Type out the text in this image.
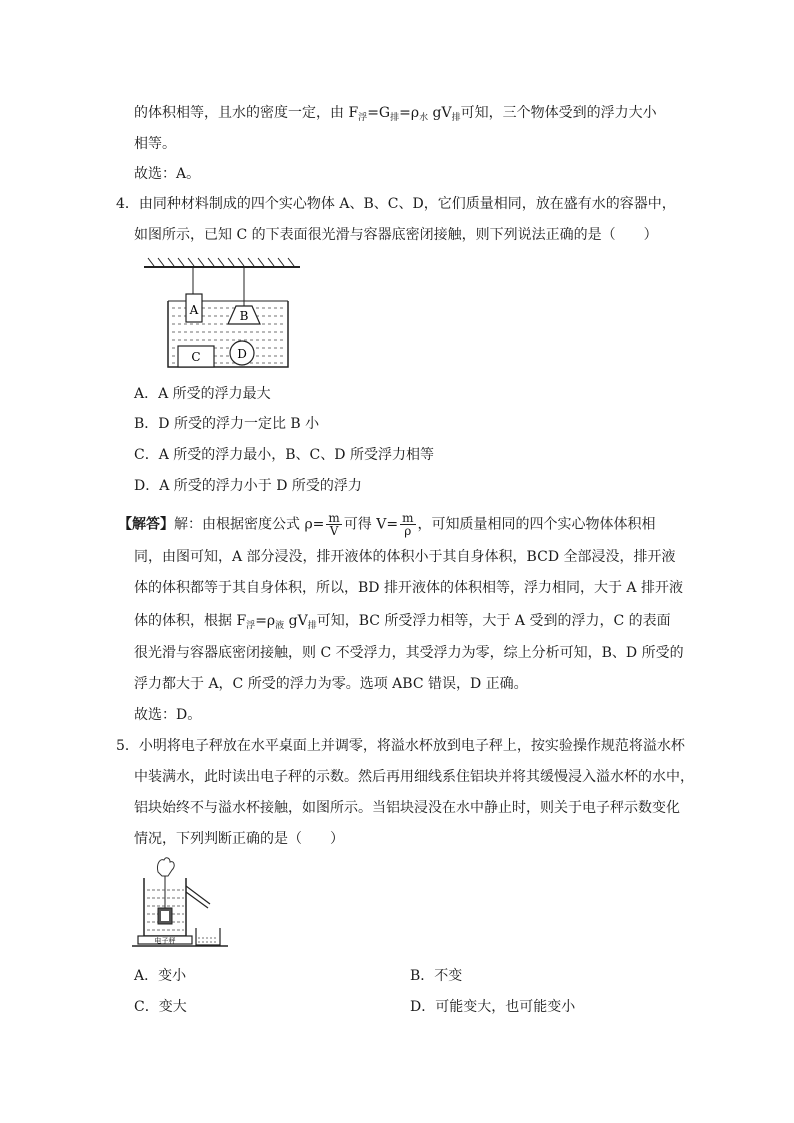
的体积相等，且水的密度一定，由 $F_浮=G_排=\rho_水$ $gV_排$可知，三个物体受到的浮力大小
相等。
故选：A。
4．由同种材料制成的四个实心物体 A、B、C、D，它们质量相同，放在盛有水的容器中，
如图所示，已知 C 的下表面很光滑与容器底密闭接触，则下列说法正确的是（　　）
A	B
C	D
A．A 所受的浮力最大
B．D 所受的浮力一定比 B 小
C．A 所受的浮力最小，B、C、D 所受浮力相等
D．A 所受的浮力小于 D 所受的浮力
【解答】解：由根据密度公式 $\rho= \frac{m}{V}$ 可得 $V= \frac{m}{\rho}$ ，可知质量相同的四个实心物体体积相
同，由图可知，A 部分浸没，排开液体的体积小于其自身体积，BCD 全部浸没，排开液
体的体积都等于其自身体积，所以，BD 排开液体的体积相等，浮力相同，大于 A 排开液
体的体积，根据 $F_浮=\rho_液$ $gV_排$可知，BC 所受浮力相等，大于 A 受到的浮力，C 的表面
很光滑与容器底密闭接触，则 C 不受浮力，其受浮力为零，综上分析可知，B、D 所受的
浮力都大于 A，C 所受的浮力为零。选项 ABC 错误，D 正确。
故选：D。
5．小明将电子秤放在水平桌面上并调零，将溢水杯放到电子秤上，按实验操作规范将溢水杯
中装满水，此时读出电子秤的示数。然后再用细线系住铝块并将其缓慢浸入溢水杯的水中，
铝块始终不与溢水杯接触，如图所示。当铝块浸没在水中静止时，则关于电子秤示数变化
情况，下列判断正确的是（　　）
电子秤
A．变小	B．不变
C．变大	D．可能变大，也可能变小
